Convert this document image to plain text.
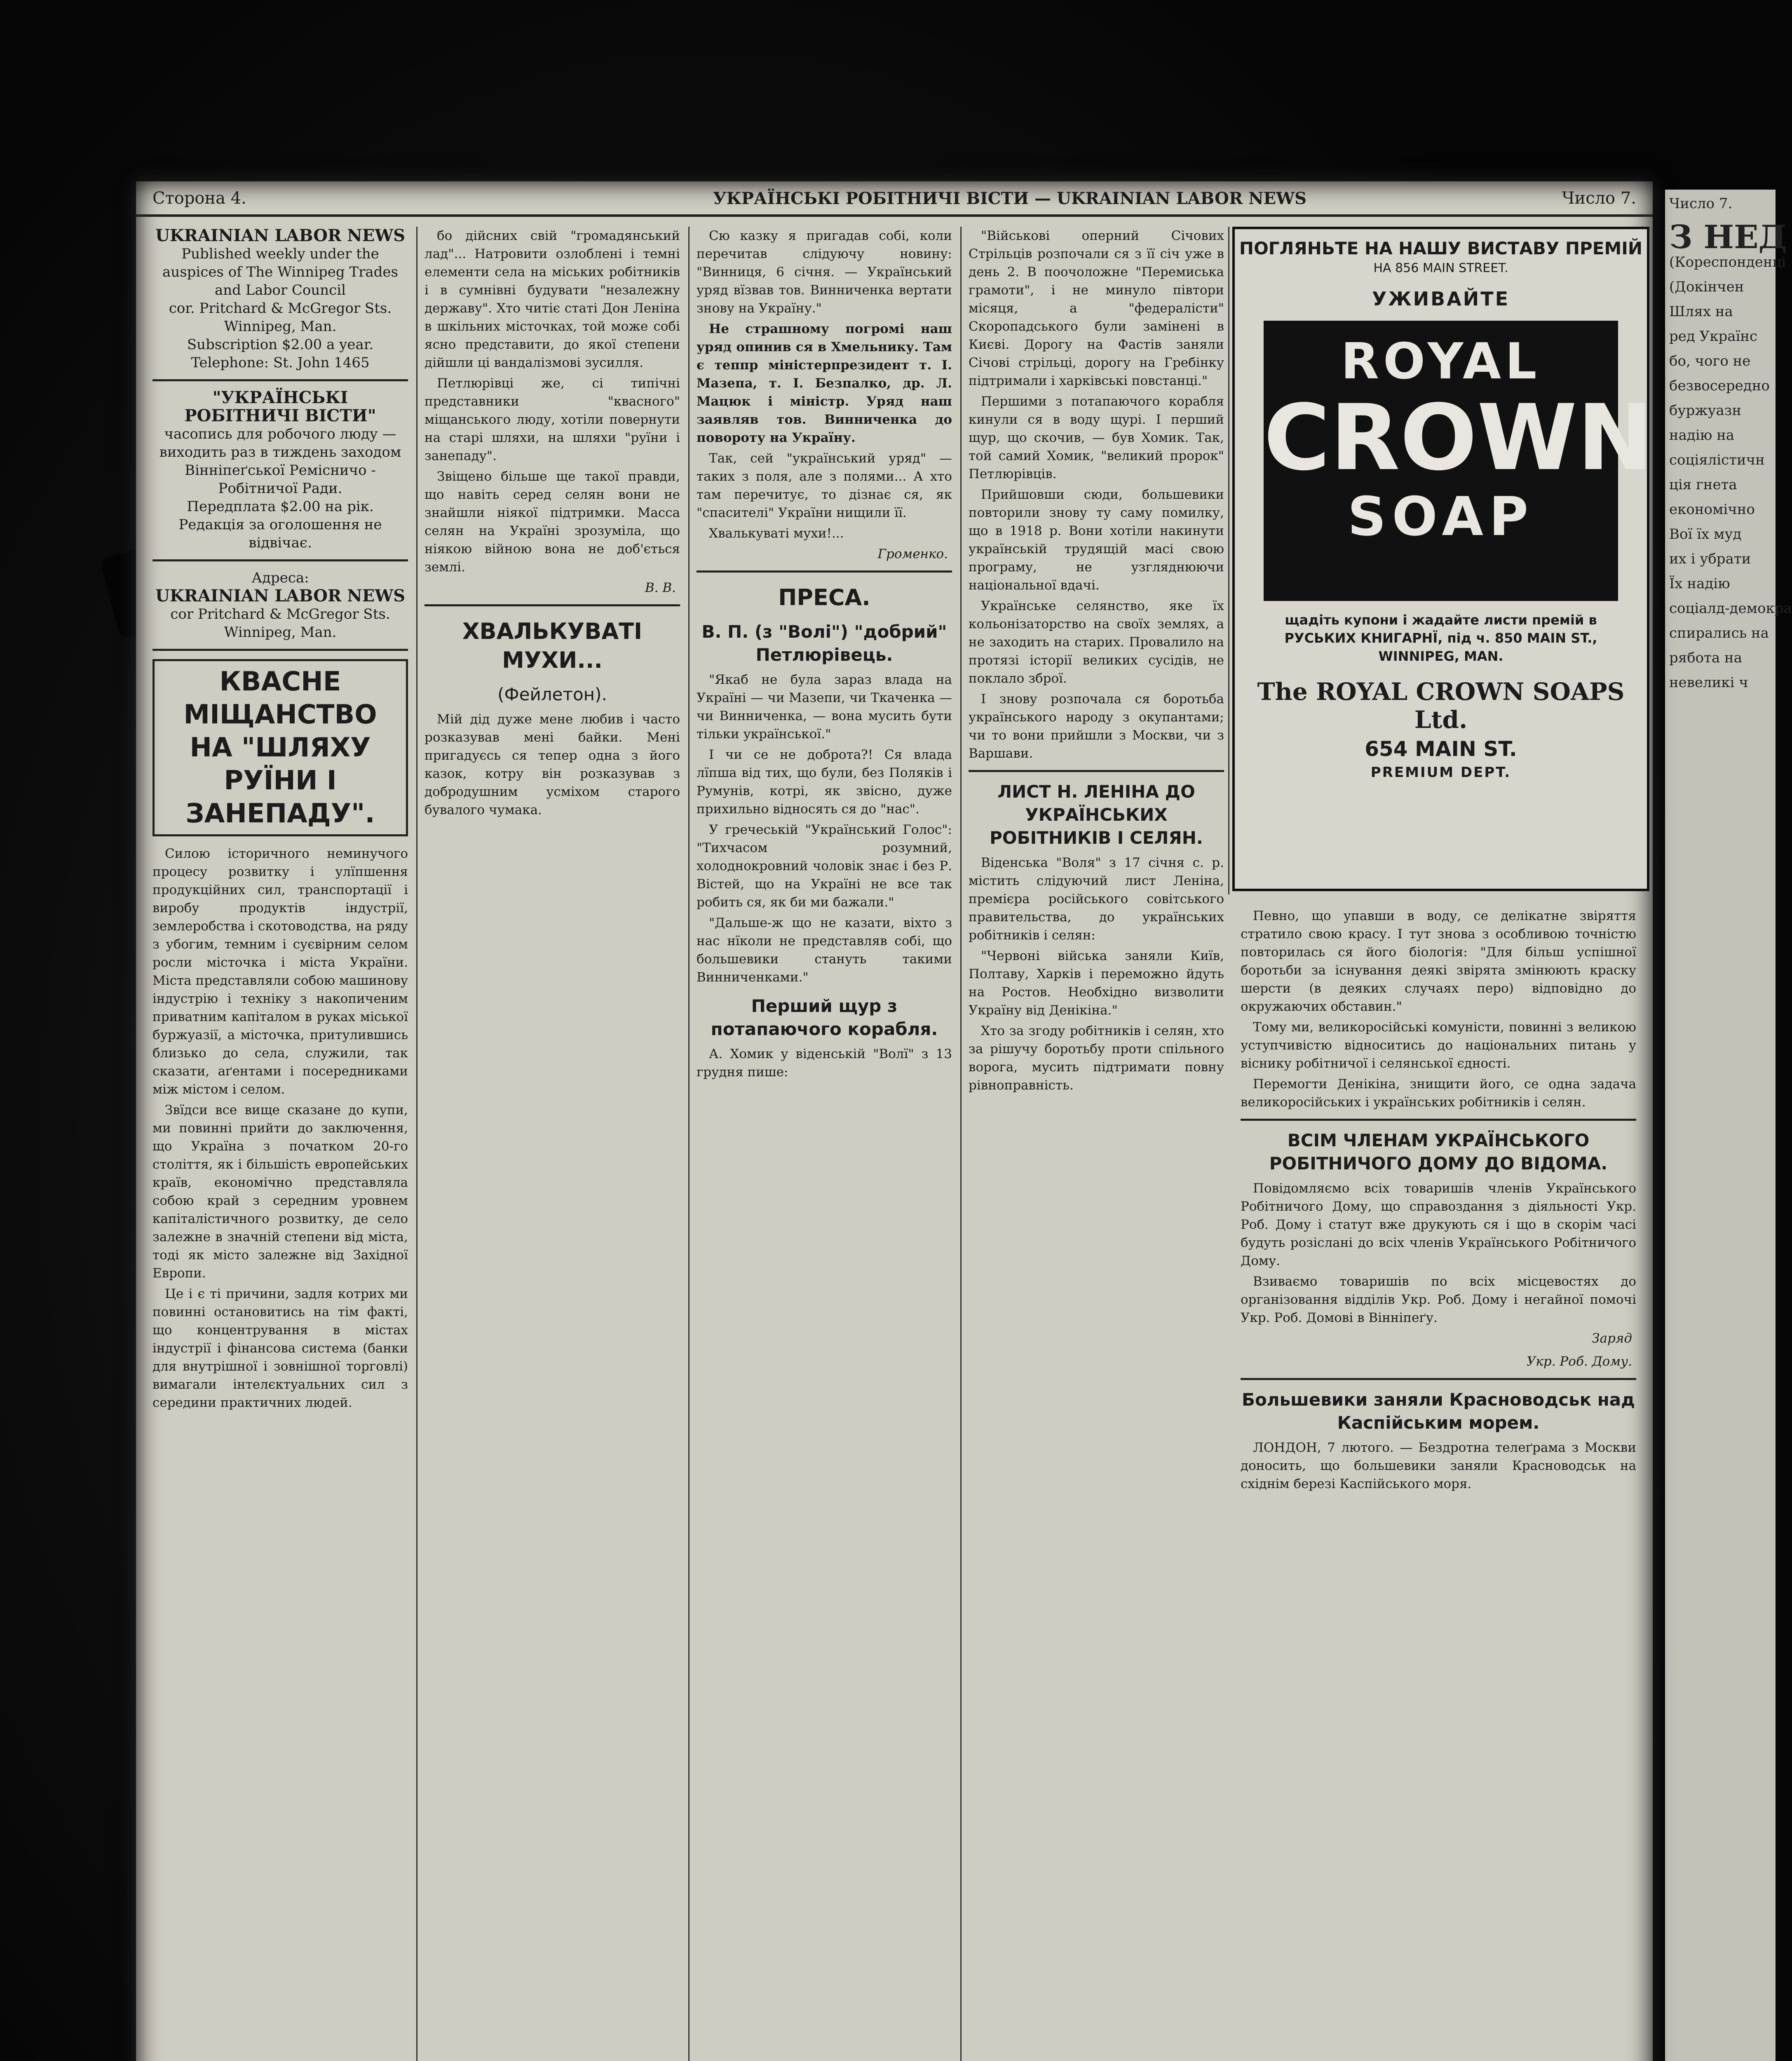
Число 7.
З НЕД
(Кореспонденці
(Докінчен
Шлях на
ред Українс
бо, чого не
безвосередно
буржуазн
надію на
соціялістичн
ція гнета
економічно
Вої їх муд
их і убрати
Їх надію
соціалд-демокра
спирались на
рябота на
невеликі ч
Сторона 4.	УКРАЇНСЬКІ РОБІТНИЧІ ВІСТИ — UKRAINIAN LABOR NEWS	Число 7.
UKRAINIAN LABOR NEWS
Published weekly under the auspices of The Winnipeg Trades and Labor Council
cor. Pritchard & McGregor Sts. Winnipeg, Man.
Subscription $2.00 a year.
Telephone: St. John 1465
"УКРАЇНСЬКІ РОБІТНИЧІ ВІСТИ"
часопись для робочого люду — виходить раз в тиждень заходом Вінніпеґської Ремісничо - Робітничої Ради.
Передплата $2.00 на рік.
Редакція за оголошення не відвічає.
Адреса:
UKRAINIAN LABOR NEWS
cor Pritchard & McGregor Sts. Winnipeg, Man.
КВАСНЕ МІЩАНСТВО НА "ШЛЯХУ РУЇНИ І ЗАНЕПАДУ".

Силою історичного неминучого процесу розвитку і улїпшення продукційних сил, транспортації і виробу продуктів індустрії, землеробства і скотоводства, на ряду з убогим, темним і суєвірним селом росли місточка і міста України. Міста представляли собою машинову індустрію і техніку з накопиченим приватним капіталом в руках міської буржуазії, а місточка, притулившись близько до села, служили, так сказати, аґентами і посередниками між містом і селом.

Звїдси все вище сказане до купи, ми повинні прийти до заключення, що Україна з початком 20-го століття, як і більшість европейських країв, економічно представляла собою край з середним уровнем капіталістичного розвитку, де село залежне в значній степени від міста, тоді як місто залежне від Західної Европи.

Це і є ті причини, задля котрих ми повинні остановитись на тім факті, що концентрування в містах індустрії і фінансова система (банки для внутрішної і зовнішної торговлі) вимагали інтелєктуальних сил з середини практичних людей.

бо дійсних свій "громадянський лад"... Натровити озлоблені і темні елементи села на міських робітників і в сумнівні будувати "незалежну державу". Хто читіє статі Дон Леніна в шкільних місточках, той може собі ясно представити, до якої степени дійшли ці вандалізмові зусилля.

Петлюрівці же, сі типічні представники "квасного" міщанського люду, хотіли повернути на старі шляхи, на шляхи "руїни і занепаду".

Звіщено більше ще такої правди, що навіть серед селян вони не знайшли ніякої підтримки. Масса селян на Україні зрозуміла, що ніякою війною вона не доб'ється землі.

В. В.
ХВАЛЬКУВАТІ МУХИ...
(Фейлетон).

Мій дід дуже мене любив і часто розказував мені байки. Мені пригадуєсь ся тепер одна з його казок, котру він розказував з добродушним усміхом старого бувалого чумака.

Сю казку я пригадав собі, коли перечитав слідуючу новину: "Винниця, 6 січня. — Український уряд вїзвав тов. Винниченка вертати знову на Україну."

Не страшному погромі наш уряд опинив ся в Хмельнику. Там є теппр міністерпрезидент т. І. Мазепа, т. І. Безпалко, др. Л. Мацюк і міністр. Уряд наш заявляв тов. Винниченка до повороту на Україну.

Так, сей "український уряд" — таких з поля, але з полями... А хто там перечитує, то дізнає ся, як "спасителі" України нищили її.

Хвалькуваті мухи!...

Громенко.
ПРЕСА.
В. П. (з "Волі") "добрий" Петлюрівець.

"Якаб не була зараз влада на Україні — чи Мазепи, чи Ткаченка — чи Винниченка, — вона мусить бути тільки української."

І чи се не доброта?! Ся влада лїпша від тих, що були, без Поляків і Румунів, котрі, як звісно, дуже прихильно відносять ся до "нас".

У гречеській "Український Голос": "Тихчасом розумний, холоднокровний чоловік знає і без Р. Вістей, що на Україні не все так робить ся, як би ми бажали."

"Дальше-ж що не казати, віхто з нас нїколи не представляв собі, що большевики стануть такими Винниченками."

Перший щур з потапаючого корабля.

А. Хомик у віденській "Волї" з 13 грудня пише:

"Військові оперний Січових Стрільців розпочали ся з її січ уже в день 2. В поочоложне "Перемиська грамоти", і не минуло півтори місяця, а "федералісти" Скоропадського були замінені в Києві. Дорогу на Фастів заняли Січові стрільці, дорогу на Гребінку підтримали і харківські повстанці."

Першими з потапаючого корабля кинули ся в воду щурі. І перший щур, що скочив, — був Хомик. Так, той самий Хомик, "великий пророк" Петлюрівців.

Прийшовши сюди, большевики повторили знову ту саму помилку, що в 1918 р. Вони хотіли накинути українській трудящій масі свою програму, не узгляднюючи національної вдачі.

Українське селянство, яке їх кольонізаторство на своїх землях, а не заходить на старих. Провалило на протязі історії великих сусідів, не поклало зброї.

І знову розпочала ся боротьба українського народу з окупантами; чи то вони прийшли з Москви, чи з Варшави.

ЛИСТ Н. ЛЕНІНА ДО УКРАЇНСЬКИХ РОБІТНИКІВ І СЕЛЯН.

Віденська "Воля" з 17 січня с. р. містить слідуючий лист Леніна, премієра російського совітського правительства, до українських робітників і селян:

"Червоні війська заняли Київ, Полтаву, Харків і переможно йдуть на Ростов. Необхідно визволити Україну від Денікіна."

Хто за згоду робітників і селян, хто за рішучу боротьбу проти спільного ворога, мусить підтримати повну рівноправність.

ПОГЛЯНЬТЕ НА НАШУ ВИСТАВУ ПРЕМІЙ
НА 856 MAIN STREET.
УЖИВАЙТЕ
ROYAL
CROWN
SOAP
щадіть купони і жадайте листи премій в РУСЬКИХ КНИГАРНЇ, під ч. 850 MAIN ST., WINNIPEG, MAN.
The ROYAL CROWN SOAPS Ltd.
654 MAIN ST.
PREMIUM DEPT.

Певно, що упавши в воду, се делікатне звіряття стратило свою красу. І тут знова з особливою точністю повторилась ся його біологія: "Для більш успішної боротьби за існування деякі звірята змінюють краску шерсти (в деяких случаях перо) відповідно до окружаючих обставин."

Тому ми, великоросійські комуністи, повинні з великою уступчивістю відноситись до національних питань у віснику робітничої і селянської єдності.

Перемогти Денікіна, знищити його, се одна задача великоросійських і українських робітників і селян.

ВСІМ ЧЛЕНАМ УКРАЇНСЬКОГО РОБІТНИЧОГО ДОМУ ДО ВІДОМА.

Повідомляємо всіх товаришів членів Українського Робітничого Дому, що справоздання з діяльності Укр. Роб. Дому і статут вже друкують ся і що в скорім часі будуть розіслані до всіх членів Українського Робітничого Дому.

Взиваємо товаришів по всіх місцевостях до організовання відділів Укр. Роб. Дому і негайної помочі Укр. Роб. Домові в Вінніпеґу.

Заряд
Укр. Роб. Дому.
Большевики заняли Красноводськ над Каспійським морем.

ЛОНДОН, 7 лютого. — Бездротна телеґрама з Москви доносить, що большевики заняли Красноводськ на східнім березі Каспійського моря.
